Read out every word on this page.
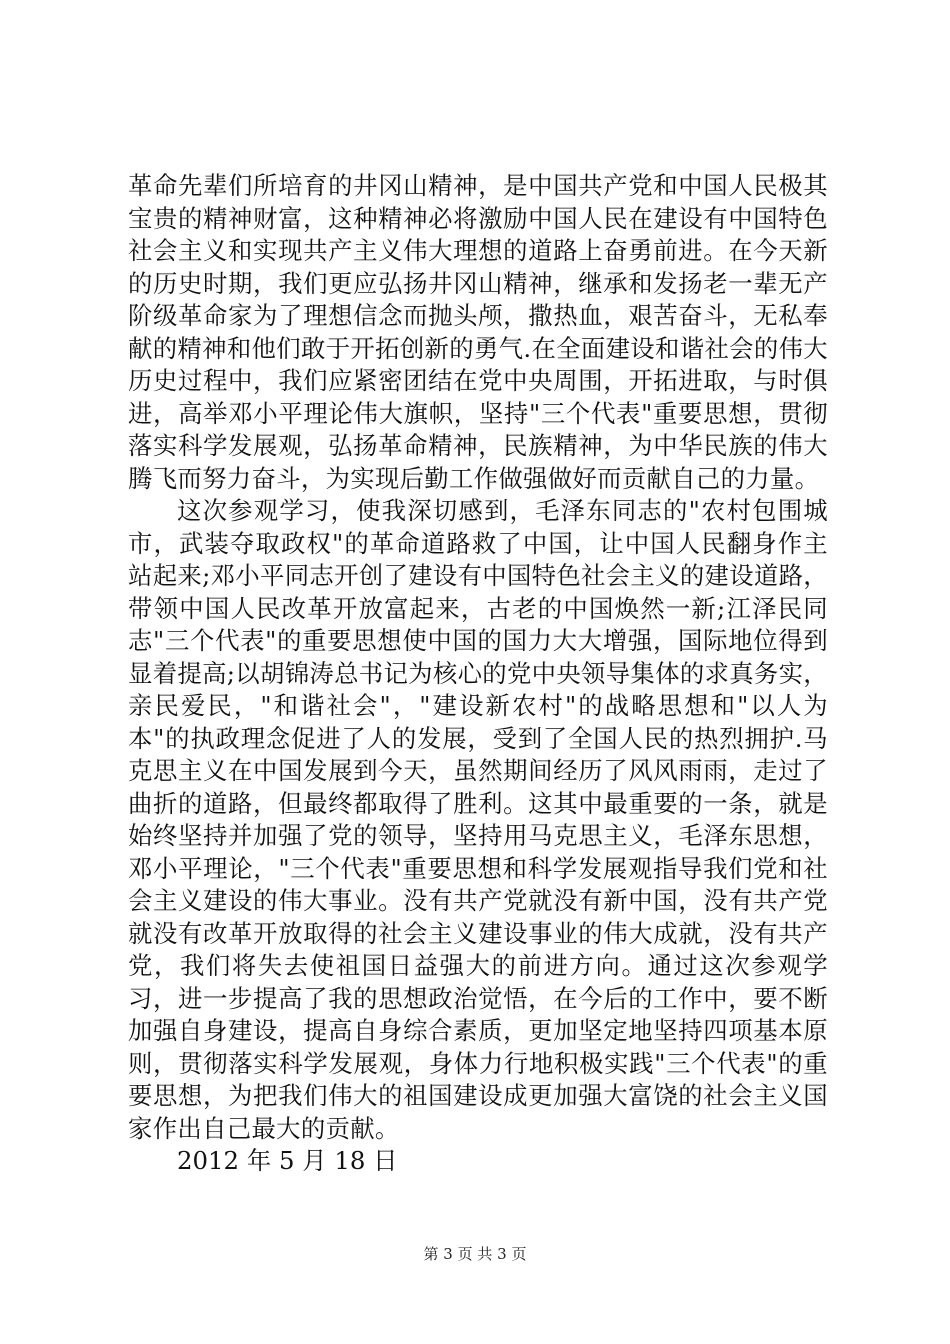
革命先辈们所培育的井冈山精神，是中国共产党和中国人民极其宝贵的精神财富，这种精神必将激励中国人民在建设有中国特色社会主义和实现共产主义伟大理想的道路上奋勇前进。在今天新的历史时期，我们更应弘扬井冈山精神，继承和发扬老一辈无产阶级革命家为了理想信念而抛头颅，撒热血，艰苦奋斗，无私奉献的精神和他们敢于开拓创新的勇气.在全面建设和谐社会的伟大历史过程中，我们应紧密团结在党中央周围，开拓进取，与时俱进，高举邓小平理论伟大旗帜，坚持"三个代表"重要思想，贯彻落实科学发展观，弘扬革命精神，民族精神，为中华民族的伟大腾飞而努力奋斗，为实现后勤工作做强做好而贡献自己的力量。

这次参观学习，使我深切感到，毛泽东同志的"农村包围城市，武装夺取政权"的革命道路救了中国，让中国人民翻身作主站起来;邓小平同志开创了建设有中国特色社会主义的建设道路，带领中国人民改革开放富起来，古老的中国焕然一新;江泽民同志"三个代表"的重要思想使中国的国力大大增强，国际地位得到显着提高;以胡锦涛总书记为核心的党中央领导集体的求真务实，亲民爱民，"和谐社会"，"建设新农村"的战略思想和"以人为本"的执政理念促进了人的发展，受到了全国人民的热烈拥护.马克思主义在中国发展到今天，虽然期间经历了风风雨雨，走过了曲折的道路，但最终都取得了胜利。这其中最重要的一条，就是始终坚持并加强了党的领导，坚持用马克思主义，毛泽东思想，邓小平理论，"三个代表"重要思想和科学发展观指导我们党和社会主义建设的伟大事业。没有共产党就没有新中国，没有共产党就没有改革开放取得的社会主义建设事业的伟大成就，没有共产党，我们将失去使祖国日益强大的前进方向。通过这次参观学习，进一步提高了我的思想政治觉悟，在今后的工作中，要不断加强自身建设，提高自身综合素质，更加坚定地坚持四项基本原则，贯彻落实科学发展观，身体力行地积极实践"三个代表"的重要思想，为把我们伟大的祖国建设成更加强大富饶的社会主义国家作出自己最大的贡献。

2012 年 5 月 18 日

第 3 页 共 3 页
